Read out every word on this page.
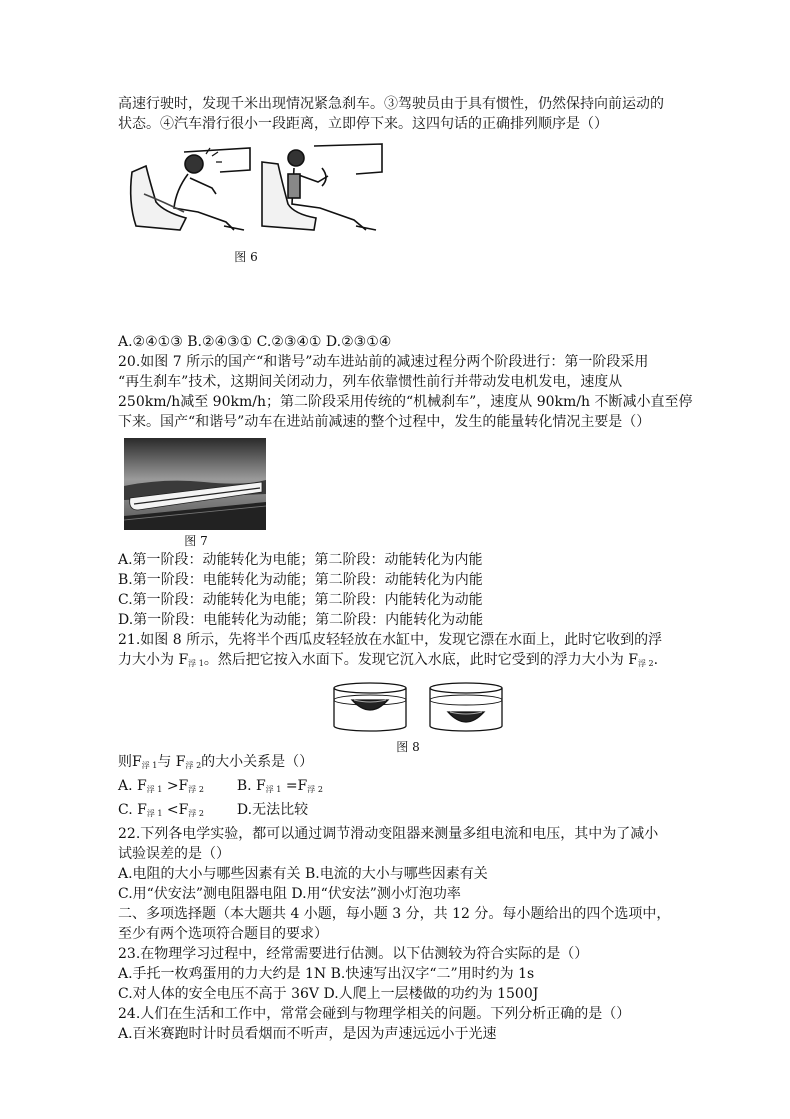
高速行驶时，发现千米出现情况紧急刹车。③驾驶员由于具有惯性，仍然保持向前运动的
状态。④汽车滑行很小一段距离，立即停下来。这四句话的正确排列顺序是（）
图 6
A.②④①③ B.②④③① C.②③④① D.②③①④
20.如图 7 所示的国产“和谐号”动车进站前的减速过程分两个阶段进行：第一阶段采用
“再生刹车”技术，这期间关闭动力，列车依靠惯性前行并带动发电机发电，速度从
250km/h减至 90km/h；第二阶段采用传统的“机械刹车”，速度从 90km/h 不断减小直至停
下来。国产“和谐号”动车在进站前减速的整个过程中，发生的能量转化情况主要是（）
图 7
A.第一阶段：动能转化为电能；第二阶段：动能转化为内能
B.第一阶段：电能转化为动能；第二阶段：动能转化为内能
C.第一阶段：动能转化为电能；第二阶段：内能转化为动能
D.第一阶段：电能转化为动能；第二阶段：内能转化为动能
21.如图 8 所示，先将半个西瓜皮轻轻放在水缸中，发现它漂在水面上，此时它收到的浮
力大小为 $F_{浮 1}$。然后把它按入水面下。发现它沉入水底，此时它受到的浮力大小为 $F_{浮 2}$.
图 8
则$F_{浮 1}$与 $F_{浮 2}$的大小关系是（）
A. $F_{浮 1} >F_{浮 2}$ B. $F_{浮 1} =F_{浮 2}$
C. $F_{浮 1} <F_{浮 2}$ D.无法比较
22.下列各电学实验，都可以通过调节滑动变阻器来测量多组电流和电压，其中为了减小
试验误差的是（）
A.电阻的大小与哪些因素有关 B.电流的大小与哪些因素有关
C.用“伏安法”测电阻器电阻 D.用“伏安法”测小灯泡功率
二、多项选择题（本大题共 4 小题，每小题 3 分，共 12 分。每小题给出的四个选项中，
至少有两个选项符合题目的要求）
23.在物理学习过程中，经常需要进行估测。以下估测较为符合实际的是（）
A.手托一枚鸡蛋用的力大约是 1N B.快速写出汉字“二”用时约为 1s
C.对人体的安全电压不高于 36V D.人爬上一层楼做的功约为 1500J
24.人们在生活和工作中，常常会碰到与物理学相关的问题。下列分析正确的是（）
A.百米赛跑时计时员看烟而不听声，是因为声速远远小于光速
